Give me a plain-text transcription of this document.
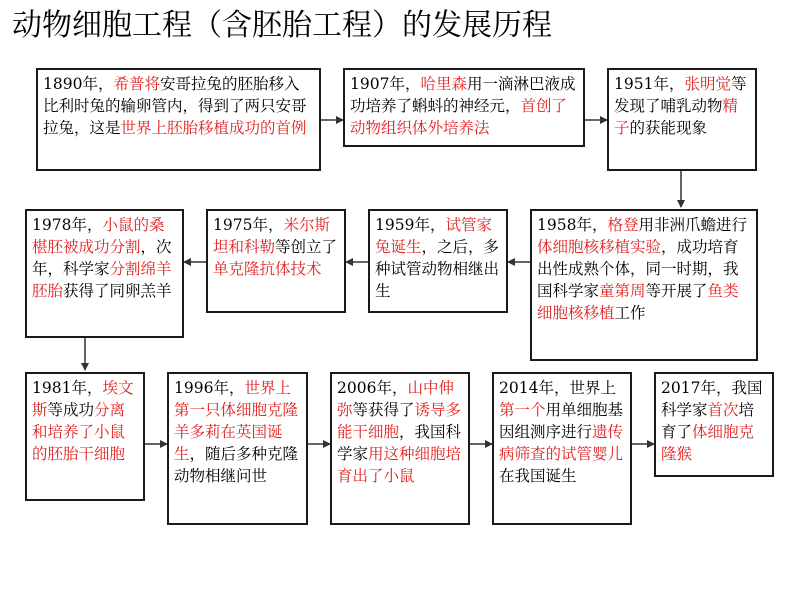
动物细胞工程（含胚胎工程）的发展历程
1890年，希普将安哥拉兔的胚胎移入比利时兔的输卵管内，得到了两只安哥拉兔，这是世界上胚胎移植成功的首例
1907年，哈里森用一滴淋巴液成功培养了蝌蚪的神经元，首创了动物组织体外培养法
1951年，张明觉等发现了哺乳动物精子的获能现象
1958年，格登用非洲爪蟾进行体细胞核移植实验，成功培育出性成熟个体，同一时期，我国科学家童第周等开展了鱼类细胞核移植工作
1959年，试管家兔诞生，之后，多种试管动物相继出生
1975年，米尔斯坦和科勒等创立了单克隆抗体技术
1978年，小鼠的桑椹胚被成功分割，次年，科学家分割绵羊胚胎获得了同卵羔羊
1981年，埃文斯等成功分离和培养了小鼠的胚胎干细胞
1996年，世界上第一只体细胞克隆羊多莉在英国诞生，随后多种克隆动物相继问世
2006年，山中伸弥等获得了诱导多能干细胞，我国科学家用这种细胞培育出了小鼠
2014年，世界上第一个用单细胞基因组测序进行遗传病筛查的试管婴儿在我国诞生
2017年，我国科学家首次培育了体细胞克隆猴
